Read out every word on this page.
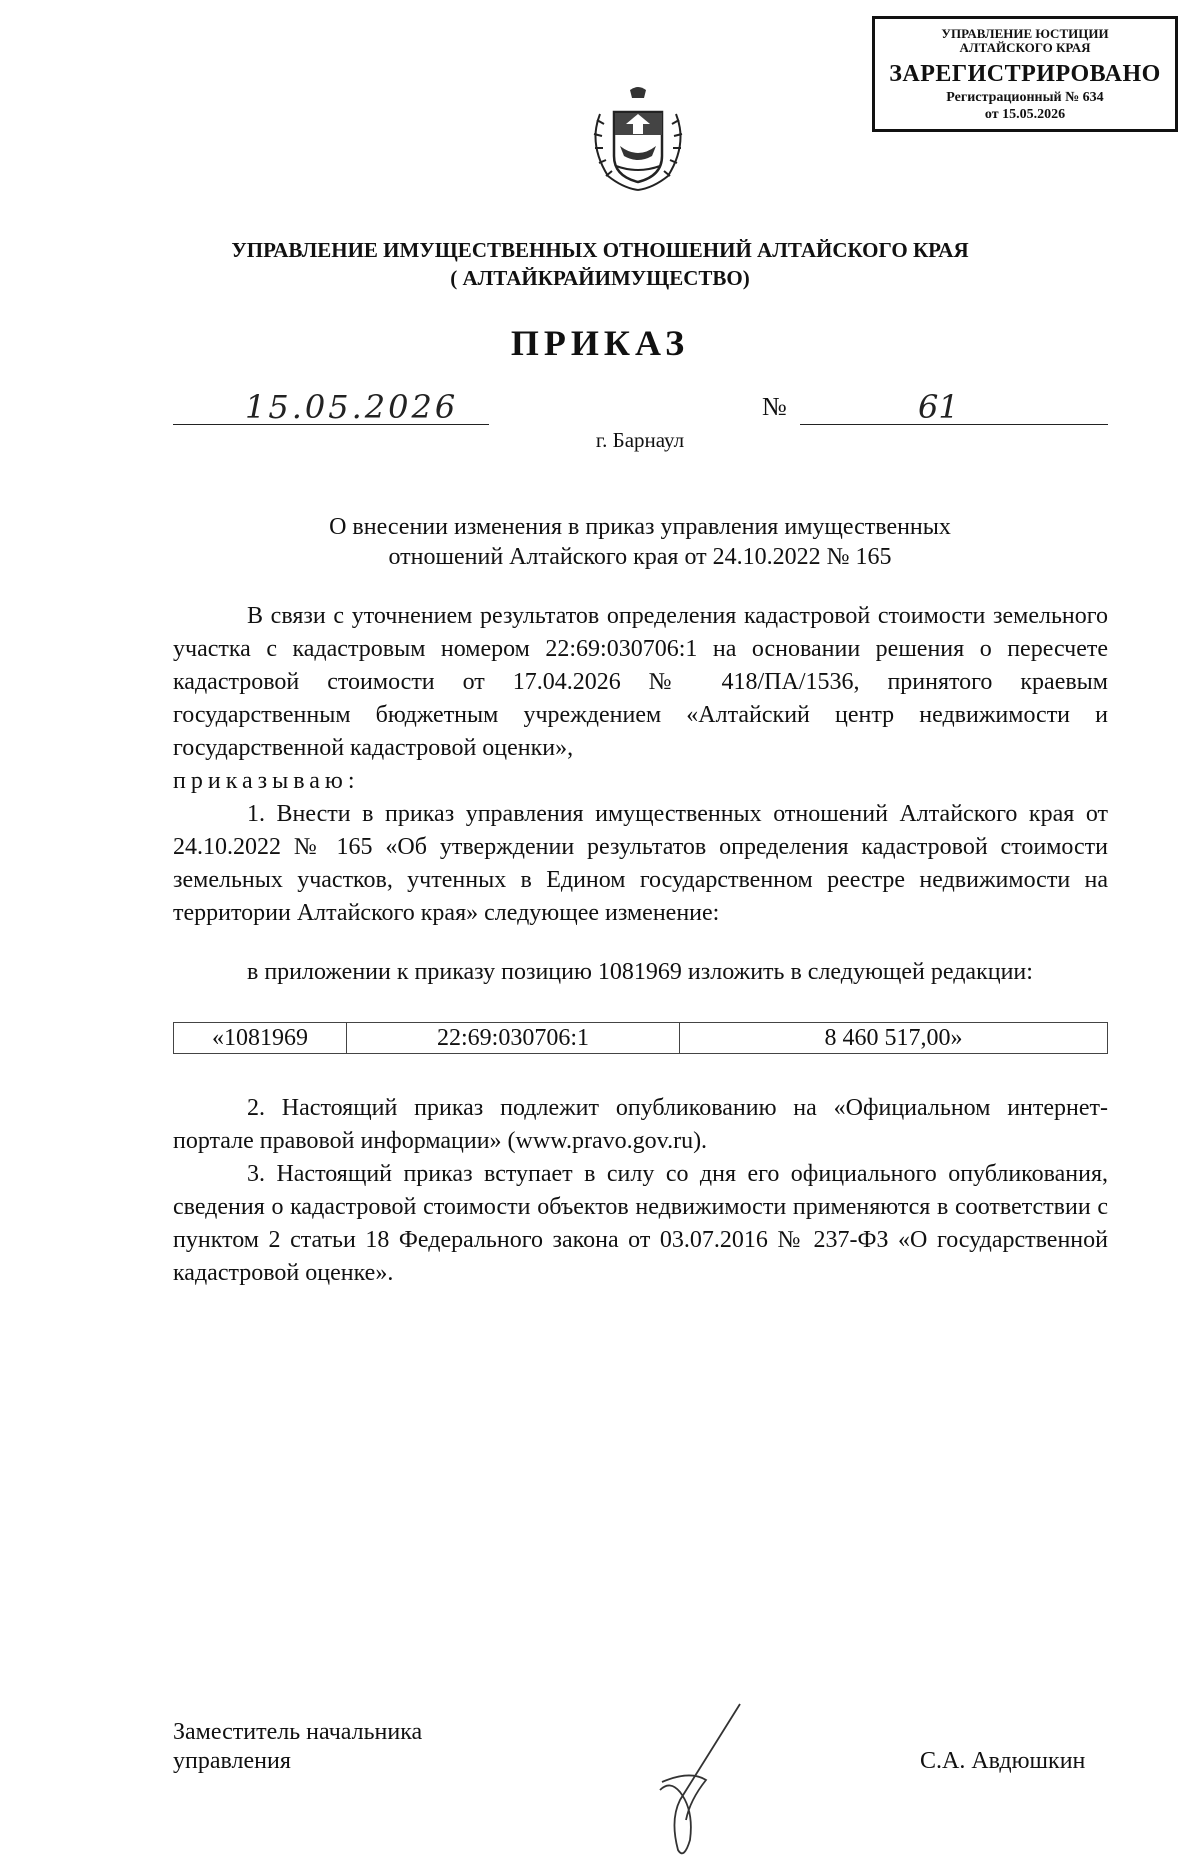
УПРАВЛЕНИЕ ЮСТИЦИИ
АЛТАЙСКОГО КРАЯ
ЗАРЕГИСТРИРОВАНО
Регистрационный № 634
от 15.05.2026
УПРАВЛЕНИЕ ИМУЩЕСТВЕННЫХ ОТНОШЕНИЙ АЛТАЙСКОГО КРАЯ
( АЛТАЙКРАЙИМУЩЕСТВО)
ПРИКАЗ
15.05.2026	№	61
г. Барнаул
О внесении изменения в приказ управления имущественных
отношений Алтайского края от 24.10.2022 № 165
В связи с уточнением результатов определения кадастровой стоимости земельного участка с кадастровым номером 22:69:030706:1 на основании решения о пересчете кадастровой стоимости от 17.04.2026 № 418/ПА/1536, принятого краевым государственным бюджетным учреждением «Алтайский центр недвижимости и государственной кадастровой оценки»,
приказываю:
1. Внести в приказ управления имущественных отношений Алтайского края от 24.10.2022 № 165 «Об утверждении результатов определения кадастровой стоимости земельных участков, учтенных в Едином государственном реестре недвижимости на территории Алтайского края» следующее изменение:
в приложении к приказу позицию 1081969 изложить в следующей редакции:
«1081969	22:69:030706:1	8 460 517,00»
2. Настоящий приказ подлежит опубликованию на «Официальном интернет-портале правовой информации» (www.pravo.gov.ru).
3. Настоящий приказ вступает в силу со дня его официального опубликования, сведения о кадастровой стоимости объектов недвижимости применяются в соответствии с пунктом 2 статьи 18 Федерального закона от 03.07.2016 № 237-ФЗ «О государственной кадастровой оценке».
Заместитель начальника
управления	С.А. Авдюшкин
